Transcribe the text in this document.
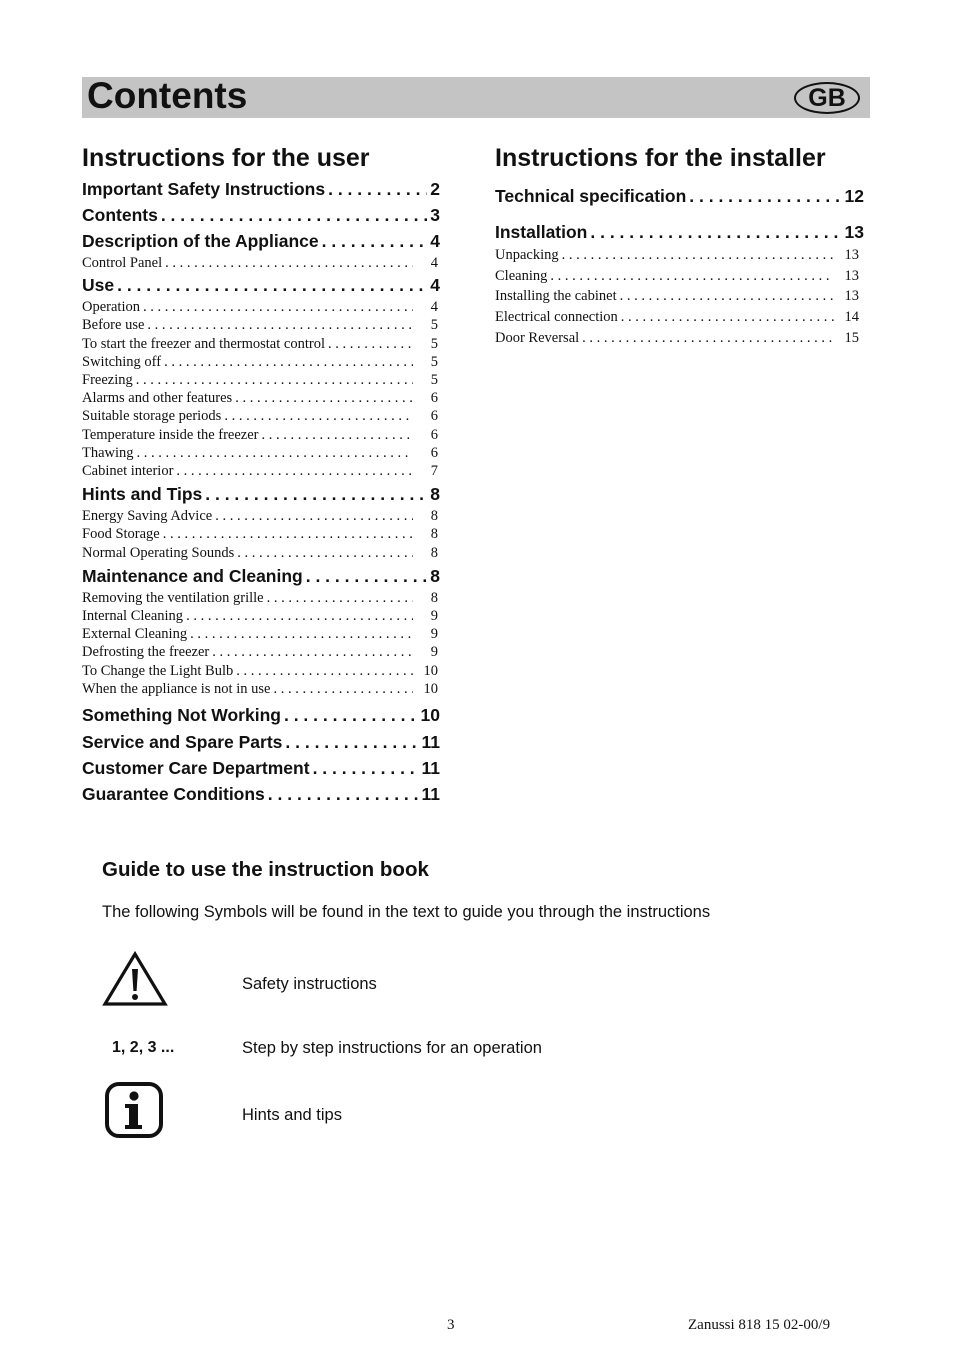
Contents	GB
Instructions for the user
Important Safety Instructions . . .	2
Contents . . .	3
Description of the Appliance . . .	4
Control Panel . . .	4
Use . . .	4
Operation . . .	4
Before use . . .	5
To start the freezer and thermostat control . . .	5
Switching off . . .	5
Freezing . . .	5
Alarms and other features . . .	6
Suitable storage periods . . .	6
Temperature inside the freezer . . .	6
Thawing . . .	6
Cabinet interior . . .	7
Hints and Tips . . .	8
Energy Saving Advice . . .	8
Food Storage . . .	8
Normal Operating Sounds . . .	8
Maintenance and Cleaning . . .	8
Removing the ventilation grille . . .	8
Internal Cleaning . . .	9
External Cleaning . . .	9
Defrosting the freezer . . .	9
To Change the Light Bulb . . .	10
When the appliance is not in use . . .	10
Something Not Working . . .	10
Service and Spare Parts . . .	11
Customer Care Department . . .	11
Guarantee Conditions . . .	11
Instructions for the installer
Technical specification . . .	12
Installation . . .	13
Unpacking . . .	13
Cleaning . . .	13
Installing the cabinet . . .	13
Electrical connection . . .	14
Door Reversal . . .	15
Guide to use the instruction book
The following Symbols will be found in the text to guide you through the instructions
Safety instructions
1, 2, 3 ...	Step by step instructions for an operation
Hints and tips
3	Zanussi 818 15 02-00/9
